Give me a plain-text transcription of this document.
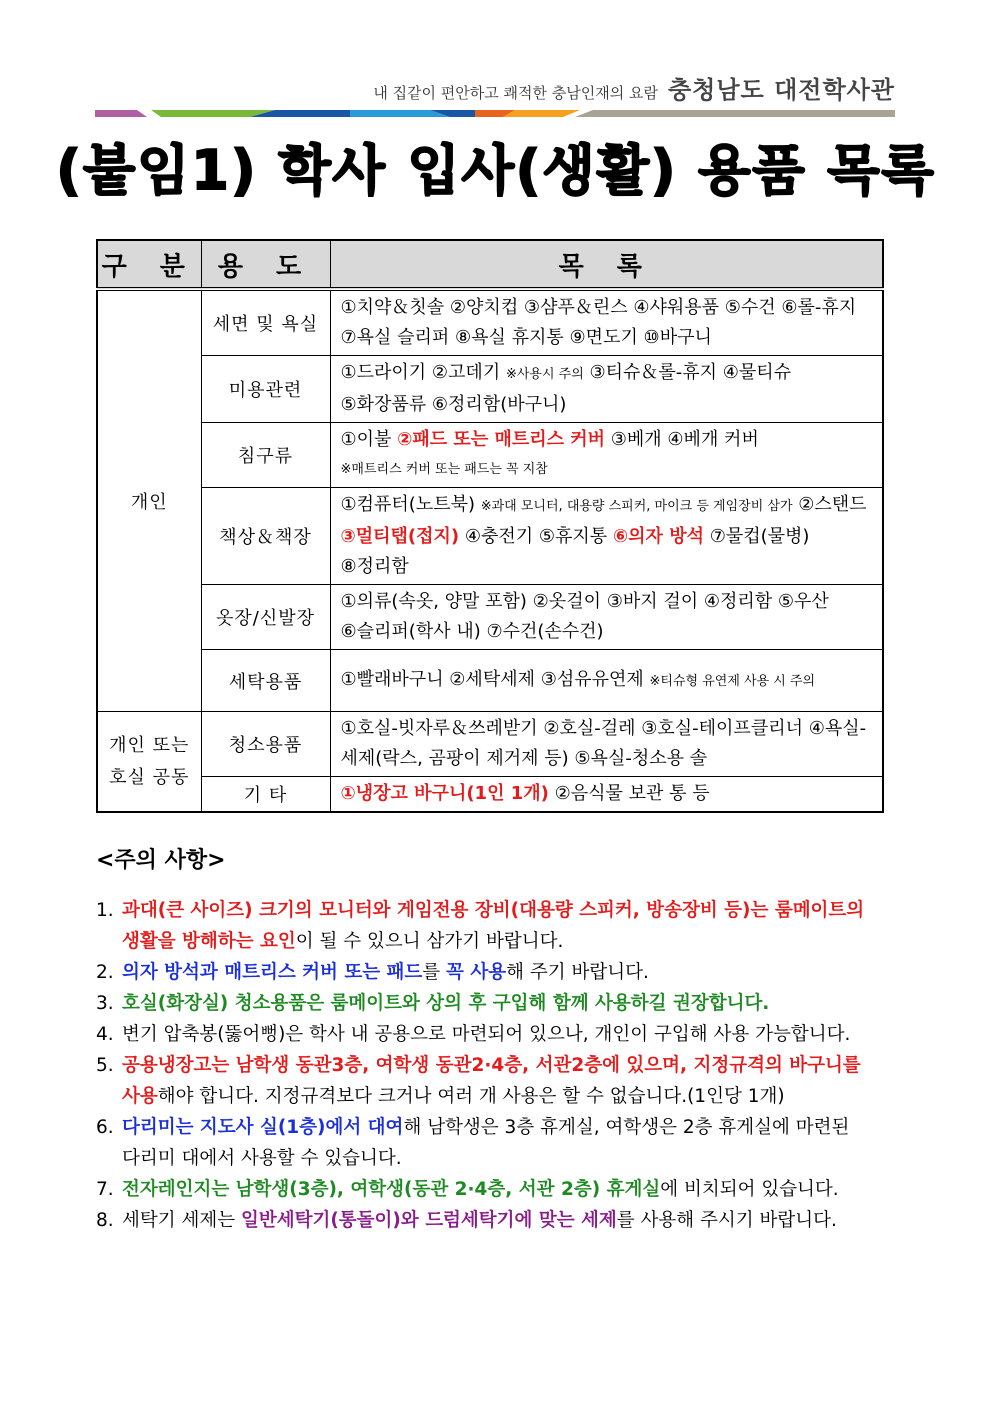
내 집같이 편안하고 쾌적한 충남인재의 요람 충청남도 대전학사관
(붙임1) 학사 입사(생활) 용품 목록
구 분	용 도	목 록
개인	세면 및 욕실	①치약＆칫솔 ②양치컵 ③샴푸＆린스 ④샤워용품 ⑤수건 ⑥롤-휴지 ⑦욕실 슬리퍼 ⑧욕실 휴지통 ⑨면도기 ⑩바구니
	미용관련	①드라이기 ②고데기 ※사용시 주의 ③티슈＆롤-휴지 ④물티슈 ⑤화장품류 ⑥정리함(바구니)
	침구류	①이불 ②패드 또는 매트리스 커버 ③베개 ④베개 커버
※매트리스 커버 또는 패드는 꼭 지참

	책상＆책장	①컴퓨터(노트북) ※과대 모니터, 대용량 스피커, 마이크 등 게임장비 삼가 ②스탠드 ③멀티탭(접지) ④충전기 ⑤휴지통 ⑥의자 방석 ⑦물컵(물병) ⑧정리함
	옷장/신발장	①의류(속옷, 양말 포함) ②옷걸이 ③바지 걸이 ④정리함 ⑤우산 ⑥슬리퍼(학사 내) ⑦수건(손수건)
	세탁용품	①빨래바구니 ②세탁세제 ③섬유유연제 ※티슈형 유연제 사용 시 주의
개인 또는 호실 공동	청소용품	①호실-빗자루＆쓰레받기 ②호실-걸레 ③호실-테이프클리너 ④욕실-세제(락스, 곰팡이 제거제 등) ⑤욕실-청소용 솔
	기 타	①냉장고 바구니(1인 1개) ②음식물 보관 통 등
<주의 사항>
1. 과대(큰 사이즈) 크기의 모니터와 게임전용 장비(대용량 스피커, 방송장비 등)는 룸메이트의 생활을 방해하는 요인이 될 수 있으니 삼가기 바랍니다.
2. 의자 방석과 매트리스 커버 또는 패드를 꼭 사용해 주기 바랍니다.
3. 호실(화장실) 청소용품은 룸메이트와 상의 후 구입해 함께 사용하길 권장합니다.
4. 변기 압축봉(뚫어뻥)은 학사 내 공용으로 마련되어 있으나, 개인이 구입해 사용 가능합니다.
5. 공용냉장고는 남학생 동관3층, 여학생 동관2·4층, 서관2층에 있으며, 지정규격의 바구니를 사용해야 합니다. 지정규격보다 크거나 여러 개 사용은 할 수 없습니다.(1인당 1개)
6. 다리미는 지도사 실(1층)에서 대여해 남학생은 3층 휴게실, 여학생은 2층 휴게실에 마련된 다리미 대에서 사용할 수 있습니다.
7. 전자레인지는 남학생(3층), 여학생(동관 2·4층, 서관 2층) 휴게실에 비치되어 있습니다.
8. 세탁기 세제는 일반세탁기(통돌이)와 드럼세탁기에 맞는 세제를 사용해 주시기 바랍니다.
